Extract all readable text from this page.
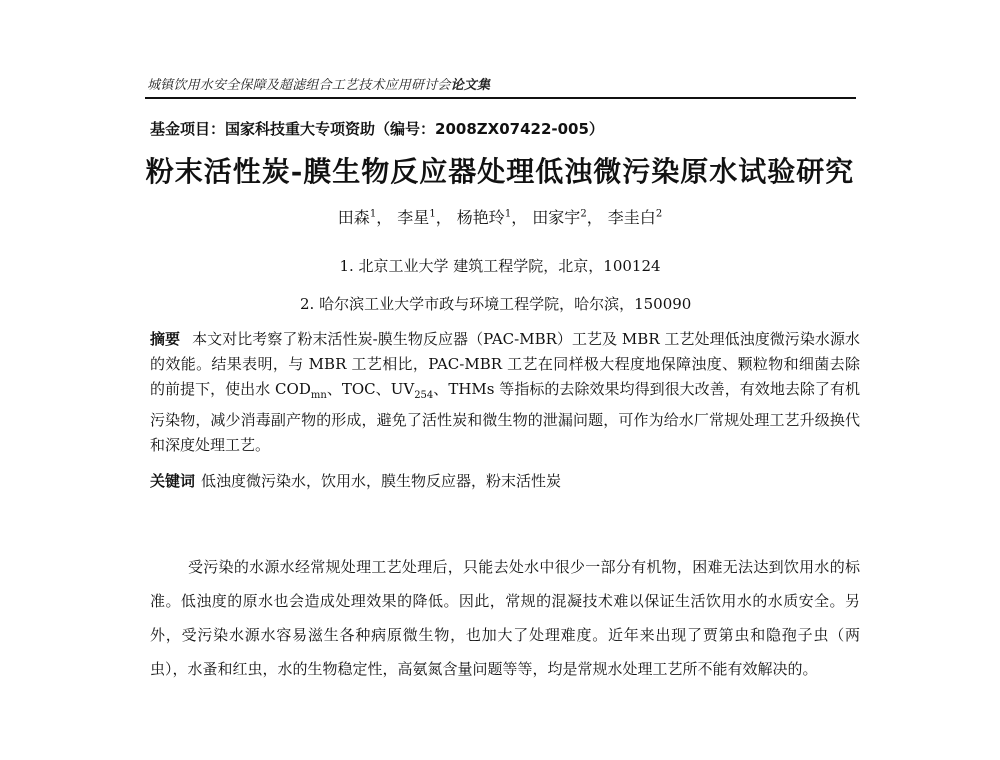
城镇饮用水安全保障及超滤组合工艺技术应用研讨会论文集
基金项目：国家科技重大专项资助（编号：2008ZX07422-005）
粉末活性炭-膜生物反应器处理低浊微污染原水试验研究
田森$^1$， 李星$^1$， 杨艳玲$^1$， 田家宇$^2$， 李圭白$^2$
1. 北京工业大学 建筑工程学院，北京，100124
2. 哈尔滨工业大学市政与环境工程学院，哈尔滨，150090
摘要 本文对比考察了粉末活性炭-膜生物反应器（PAC-MBR）工艺及 MBR 工艺处理低浊度微污染水源水的效能。结果表明，与 MBR 工艺相比，PAC-MBR 工艺在同样极大程度地保障浊度、颗粒物和细菌去除的前提下，使出水 $COD_{mn}$、TOC、$UV_{254}$、THMs 等指标的去除效果均得到很大改善，有效地去除了有机污染物，减少消毒副产物的形成，避免了活性炭和微生物的泄漏问题，可作为给水厂常规处理工艺升级换代和深度处理工艺。
关键词 低浊度微污染水，饮用水，膜生物反应器，粉末活性炭
受污染的水源水经常规处理工艺处理后，只能去处水中很少一部分有机物，困难无法达到饮用水的标准。低浊度的原水也会造成处理效果的降低。因此，常规的混凝技术难以保证生活饮用水的水质安全。另外，受污染水源水容易滋生各种病原微生物，也加大了处理难度。近年来出现了贾第虫和隐孢子虫（两虫），水蚤和红虫，水的生物稳定性，高氨氮含量问题等等，均是常规水处理工艺所不能有效解决的。
